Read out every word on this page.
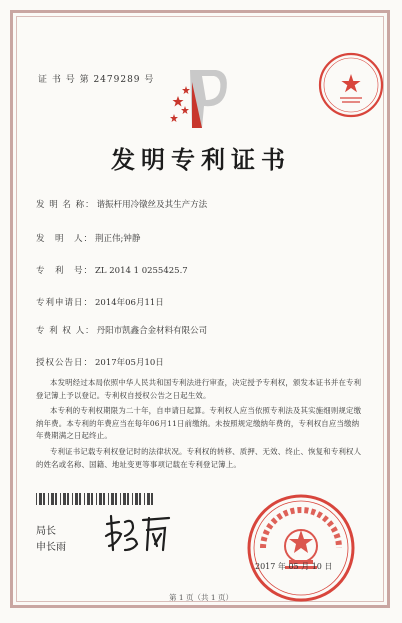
证 书 号 第 2479289 号
发明专利证书
发 明 名 称： 谐振杆用冷镦丝及其生产方法
发　明　人： 荆正伟;钟静
专　利　号： ZL 2014 1 0255425.7
专利申请日： 2014年06月11日
专 利 权 人： 丹阳市凯鑫合金材料有限公司
授权公告日： 2017年05月10日
本发明经过本局依照中华人民共和国专利法进行审查，决定授予专利权，颁发本证书并在专利登记簿上予以登记。专利权自授权公告之日起生效。
本专利的专利权期限为二十年，自申请日起算。专利权人应当依照专利法及其实施细则规定缴纳年费。本专利的年费应当在每年06月11日前缴纳。未按照规定缴纳年费的，专利权自应当缴纳年费期满之日起终止。
专利证书记载专利权登记时的法律状况。专利权的转移、质押、无效、终止、恢复和专利权人的姓名或名称、国籍、地址变更等事项记载在专利登记簿上。
局长
申长雨
2017 年 05 月 10 日
第 1 页（共 1 页）
